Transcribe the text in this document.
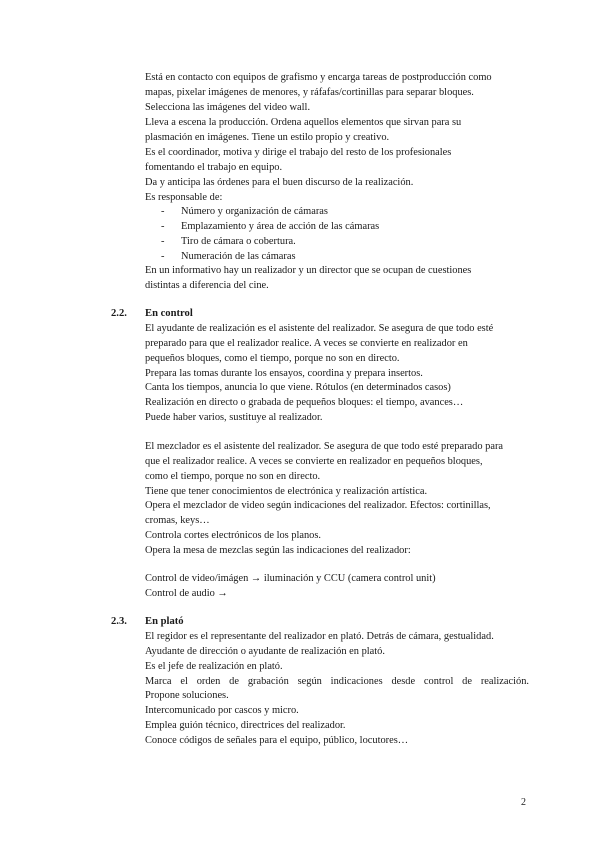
Está en contacto con equipos de grafismo y encarga tareas de postproducción como
mapas, pixelar imágenes de menores, y ráfafas/cortinillas para separar bloques.
Selecciona las imágenes del video wall.
Lleva a escena la producción. Ordena aquellos elementos que sirvan para su
plasmación en imágenes. Tiene un estilo propio y creativo.
Es el coordinador, motiva y dirige el trabajo del resto de los profesionales
fomentando el trabajo en equipo.
Da y anticipa las órdenes para el buen discurso de la realización.
Es responsable de:
- Número y organización de cámaras
- Emplazamiento y área de acción de las cámaras
- Tiro de cámara o cobertura.
- Numeración de las cámaras
En un informativo hay un realizador y un director que se ocupan de cuestiones
distintas a diferencia del cine.
2.2. En control
El ayudante de realización es el asistente del realizador. Se asegura de que todo esté
preparado para que el realizador realice. A veces se convierte en realizador en
pequeños bloques, como el tiempo, porque no son en directo.
Prepara las tomas durante los ensayos, coordina y prepara insertos.
Canta los tiempos, anuncia lo que viene. Rótulos (en determinados casos)
Realización en directo o grabada de pequeños bloques: el tiempo, avances…
Puede haber varios, sustituye al realizador.
El mezclador es el asistente del realizador. Se asegura de que todo esté preparado para
que el realizador realice. A veces se convierte en realizador en pequeños bloques,
como el tiempo, porque no son en directo.
Tiene que tener conocimientos de electrónica y realización artística.
Opera el mezclador de video según indicaciones del realizador. Efectos: cortinillas,
cromas, keys…
Controla cortes electrónicos de los planos.
Opera la mesa de mezclas según las indicaciones del realizador:
Control de video/imágen → iluminación y CCU (camera control unit)
Control de audio →
2.3. En plató
El regidor es el representante del realizador en plató. Detrás de cámara, gestualidad.
Ayudante de dirección o ayudante de realización en plató.
Es el jefe de realización en plató.
Marca el orden de grabación según indicaciones desde control de realización.
Propone soluciones.
Intercomunicado por cascos y micro.
Emplea guión técnico, directrices del realizador.
Conoce códigos de señales para el equipo, público, locutores…
2
